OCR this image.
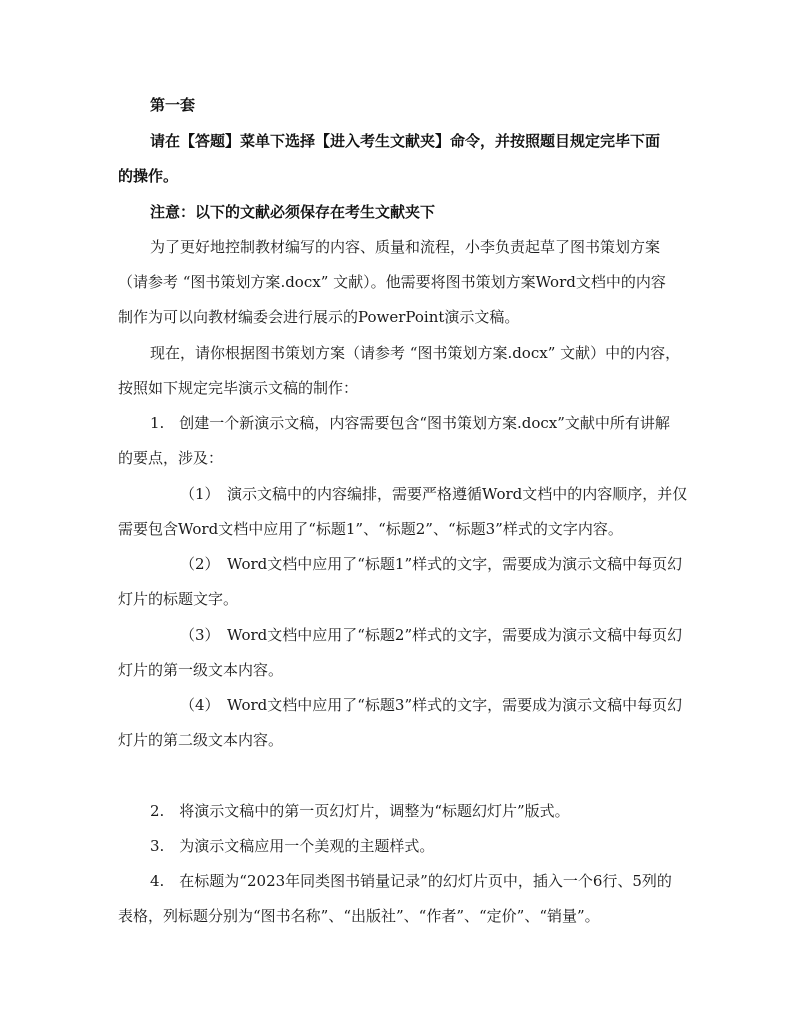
第一套
请在【答题】菜单下选择【进入考生文献夹】命令，并按照题目规定完毕下面
的操作。
注意：以下的文献必须保存在考生文献夹下
为了更好地控制教材编写的内容、质量和流程，小李负责起草了图书策划方案
（请参考 “图书策划方案.docx” 文献）。他需要将图书策划方案Word文档中的内容
制作为可以向教材编委会进行展示的PowerPoint演示文稿。
现在，请你根据图书策划方案（请参考 “图书策划方案.docx” 文献）中的内容，
按照如下规定完毕演示文稿的制作：
1.　创建一个新演示文稿，内容需要包含“图书策划方案.docx”文献中所有讲解
的要点，涉及：
（1）　演示文稿中的内容编排，需要严格遵循Word文档中的内容顺序，并仅
需要包含Word文档中应用了“标题1”、“标题2”、“标题3”样式的文字内容。
（2）　Word文档中应用了“标题1”样式的文字，需要成为演示文稿中每页幻
灯片的标题文字。
（3）　Word文档中应用了“标题2”样式的文字，需要成为演示文稿中每页幻
灯片的第一级文本内容。
（4）　Word文档中应用了“标题3”样式的文字，需要成为演示文稿中每页幻
灯片的第二级文本内容。
2.　将演示文稿中的第一页幻灯片，调整为“标题幻灯片”版式。
3.　为演示文稿应用一个美观的主题样式。
4.　在标题为“2023年同类图书销量记录”的幻灯片页中，插入一个6行、5列的
表格，列标题分别为“图书名称”、“出版社”、“作者”、“定价”、“销量”。
